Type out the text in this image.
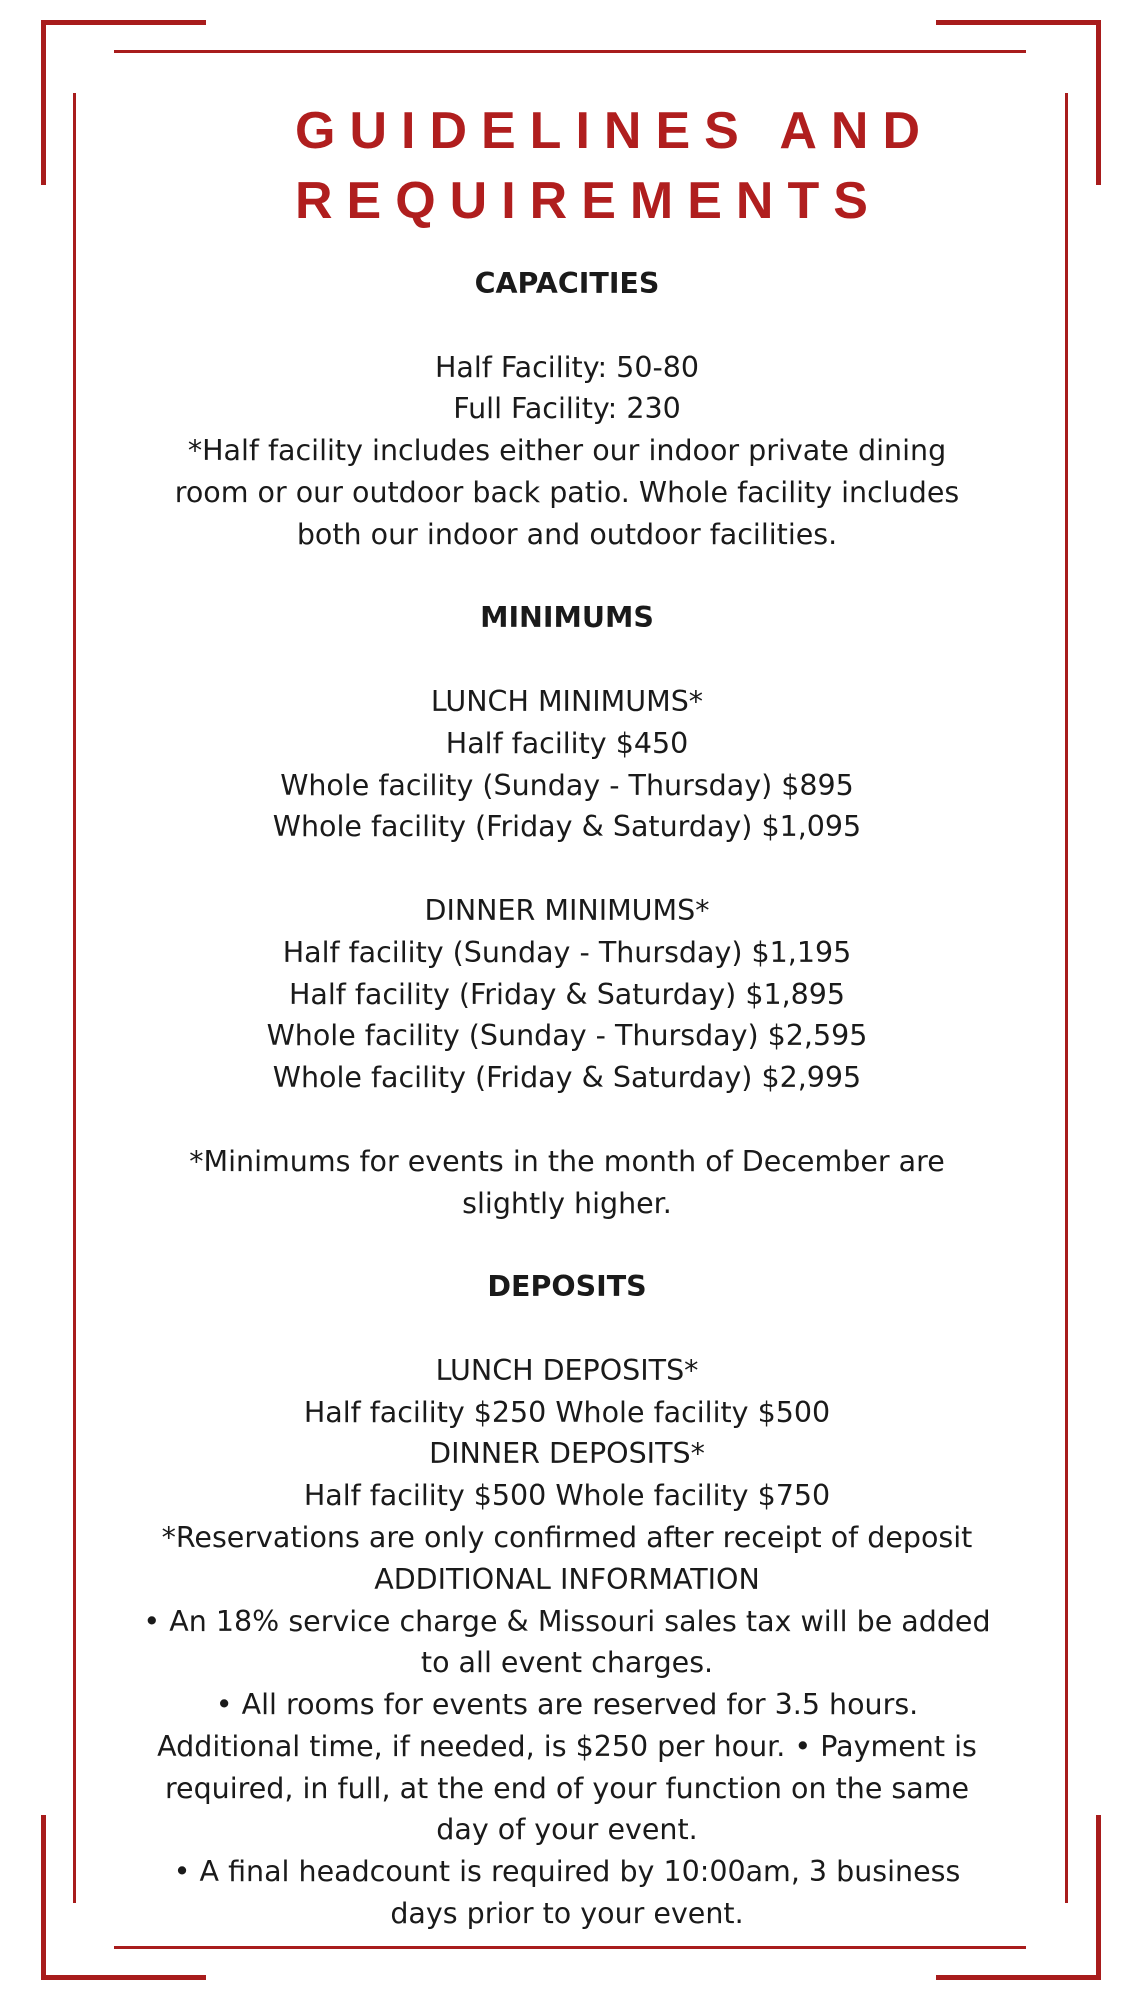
GUIDELINES AND
REQUIREMENTS
CAPACITIES
Half Facility: 50-80
Full Facility: 230
*Half facility includes either our indoor private dining
room or our outdoor back patio. Whole facility includes
both our indoor and outdoor facilities.
MINIMUMS
LUNCH MINIMUMS*
Half facility $450
Whole facility (Sunday - Thursday) $895
Whole facility (Friday & Saturday) $1,095
DINNER MINIMUMS*
Half facility (Sunday - Thursday) $1,195
Half facility (Friday & Saturday) $1,895
Whole facility (Sunday - Thursday) $2,595
Whole facility (Friday & Saturday) $2,995
*Minimums for events in the month of December are
slightly higher.
DEPOSITS
LUNCH DEPOSITS*
Half facility $250 Whole facility $500
DINNER DEPOSITS*
Half facility $500 Whole facility $750
*Reservations are only confirmed after receipt of deposit
ADDITIONAL INFORMATION
• An 18% service charge & Missouri sales tax will be added
to all event charges.
• All rooms for events are reserved for 3.5 hours.
Additional time, if needed, is $250 per hour. • Payment is
required, in full, at the end of your function on the same
day of your event.
• A final headcount is required by 10:00am, 3 business
days prior to your event.
